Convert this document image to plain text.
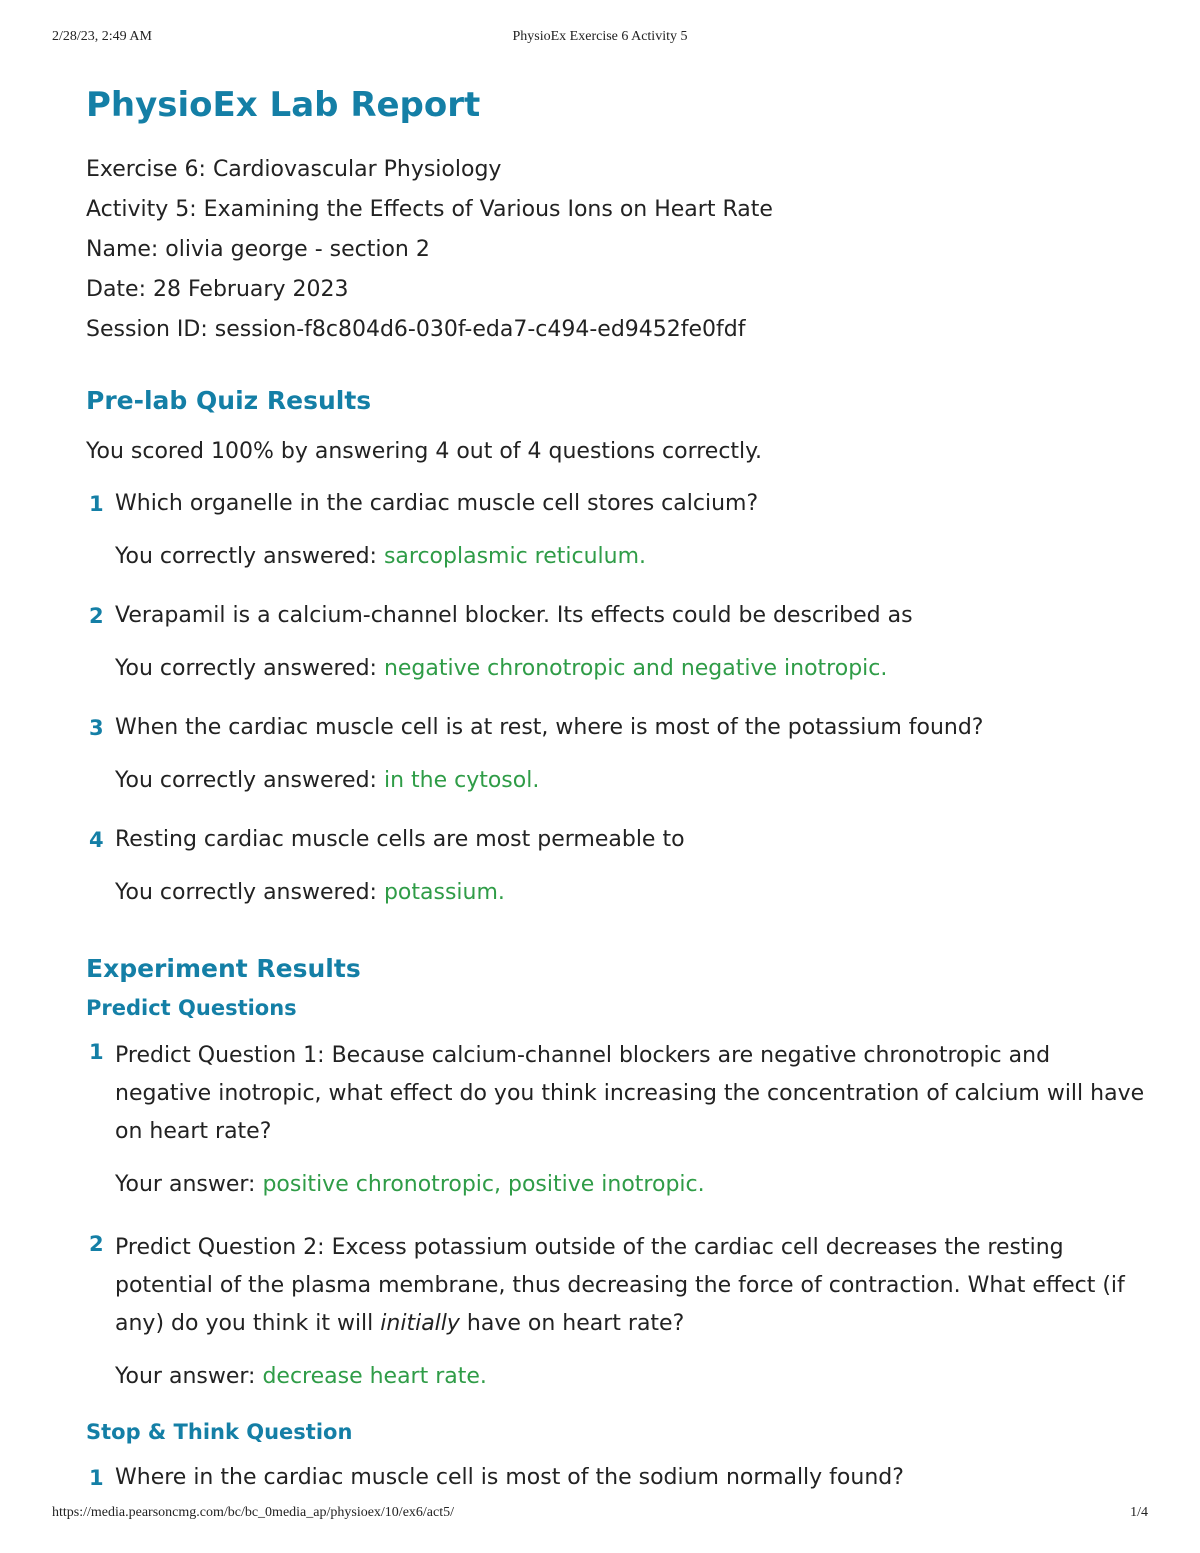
2/28/23, 2:49 AM	PhysioEx Exercise 6 Activity 5
PhysioEx Lab Report

Exercise 6: Cardiovascular Physiology

Activity 5: Examining the Effects of Various Ions on Heart Rate

Name: olivia george - section 2

Date: 28 February 2023

Session ID: session-f8c804d6-030f-eda7-c494-ed9452fe0fdf

Pre-lab Quiz Results

You scored 100% by answering 4 out of 4 questions correctly.

1 Which organelle in the cardiac muscle cell stores calcium?

You correctly answered: sarcoplasmic reticulum.

2 Verapamil is a calcium-channel blocker. Its effects could be described as

You correctly answered: negative chronotropic and negative inotropic.

3 When the cardiac muscle cell is at rest, where is most of the potassium found?

You correctly answered: in the cytosol.

4 Resting cardiac muscle cells are most permeable to

You correctly answered: potassium.

Experiment Results
Predict Questions
1 Predict Question 1: Because calcium-channel blockers are negative chronotropic and negative inotropic, what effect do you think increasing the concentration of calcium will have on heart rate?

Your answer: positive chronotropic, positive inotropic.

2 Predict Question 2: Excess potassium outside of the cardiac cell decreases the resting potential of the plasma membrane, thus decreasing the force of contraction. What effect (if any) do you think it will initially have on heart rate?

Your answer: decrease heart rate.

Stop & Think Question
1 Where in the cardiac muscle cell is most of the sodium normally found?

https://media.pearsoncmg.com/bc/bc_0media_ap/physioex/10/ex6/act5/	1/4
